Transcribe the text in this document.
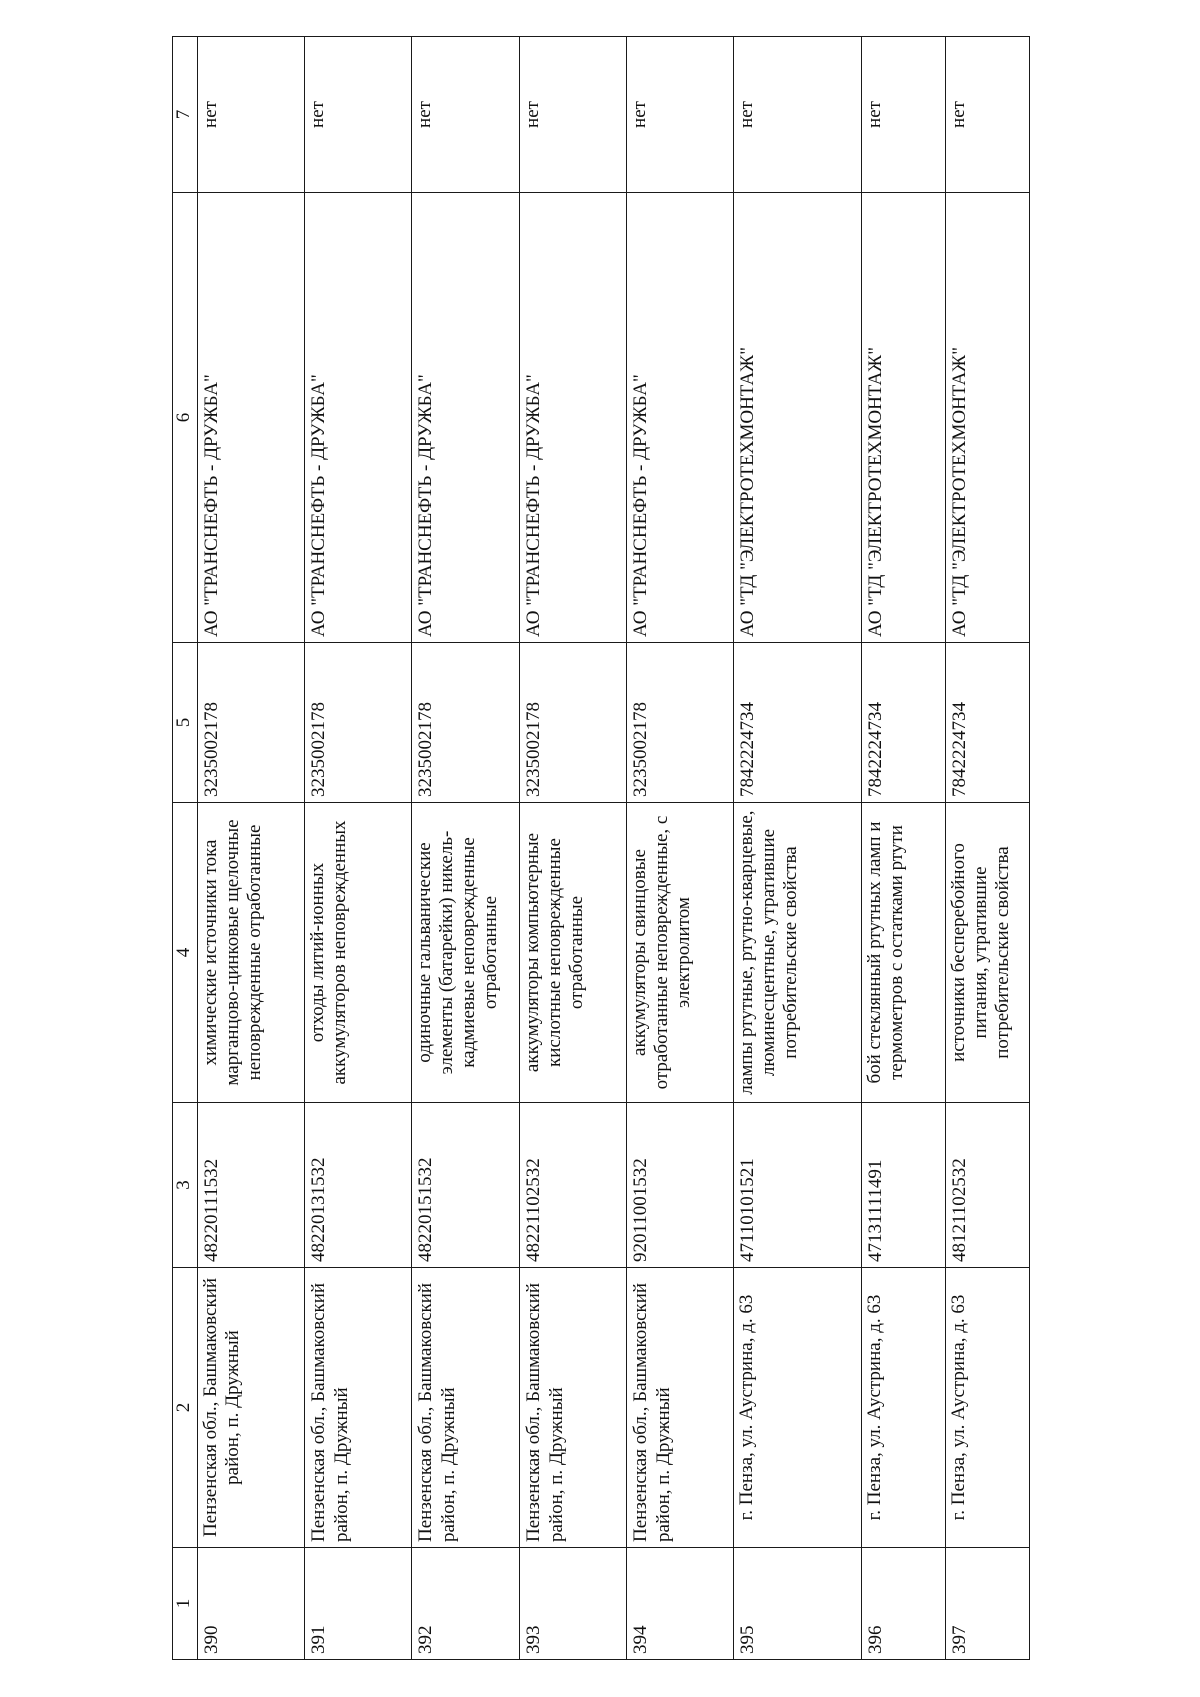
1	2	3	4	5	6	7
390	Пензенская обл., Башмаковский район, п. Дружный	48220111532	химические источники тока марганцово-цинковые щелочные неповрежденные отработанные	3235002178	АО "ТРАНСНЕФТЬ - ДРУЖБА"	нет
391	Пензенская обл., Башмаковский район, п. Дружный	48220131532	отходы литий-ионных аккумуляторов неповрежденных	3235002178	АО "ТРАНСНЕФТЬ - ДРУЖБА"	нет
392	Пензенская обл., Башмаковский район, п. Дружный	48220151532	одиночные гальванические элементы (батарейки) никель-кадмиевые неповрежденные отработанные	3235002178	АО "ТРАНСНЕФТЬ - ДРУЖБА"	нет
393	Пензенская обл., Башмаковский район, п. Дружный	48221102532	аккумуляторы компьютерные кислотные неповрежденные отработанные	3235002178	АО "ТРАНСНЕФТЬ - ДРУЖБА"	нет
394	Пензенская обл., Башмаковский район, п. Дружный	92011001532	аккумуляторы свинцовые отработанные неповрежденные, с электролитом	3235002178	АО "ТРАНСНЕФТЬ - ДРУЖБА"	нет
395	г. Пенза, ул. Аустрина, д. 63	47110101521	лампы ртутные, ртутно-кварцевые, люминесцентные, утратившие потребительские свойства	7842224734	АО "ТД "ЭЛЕКТРОТЕХМОНТАЖ"	нет
396	г. Пенза, ул. Аустрина, д. 63	47131111491	бой стеклянный ртутных ламп и термометров с остатками ртути	7842224734	АО "ТД "ЭЛЕКТРОТЕХМОНТАЖ"	нет
397	г. Пенза, ул. Аустрина, д. 63	48121102532	источники бесперебойного питания, утратившие потребительские свойства	7842224734	АО "ТД "ЭЛЕКТРОТЕХМОНТАЖ"	нет
